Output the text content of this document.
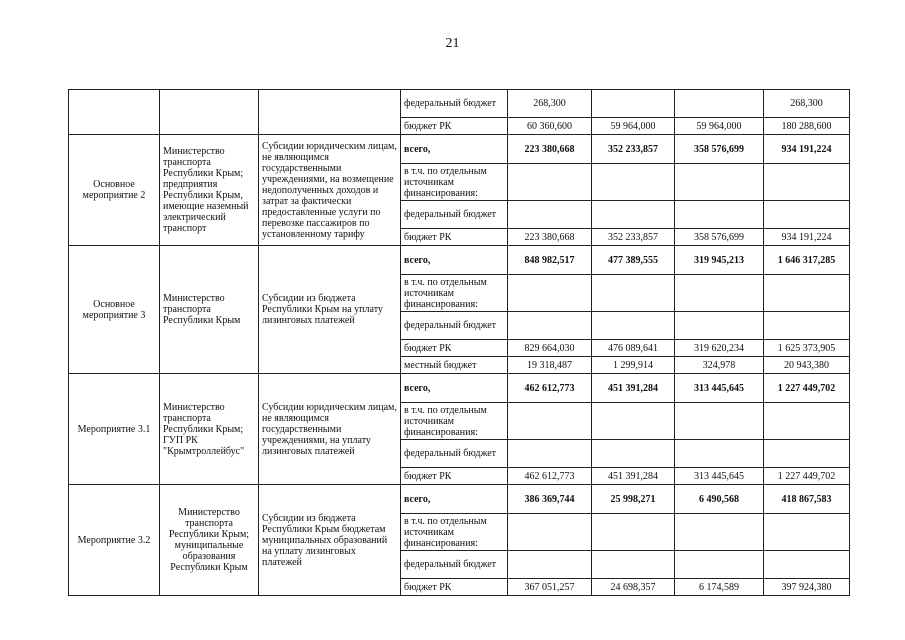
21
			федеральный бюджет	268,300			268,300
			бюджет РК	60 360,600	59 964,000	59 964,000	180 288,600
Основное мероприятие 2	Министерство транспорта Республики Крым; предприятия Республики Крым, имеющие наземный электрический транспорт	Субсидии юридическим лицам, не являющимся государственными учреждениями, на возмещение недополученных доходов и затрат за фактически предоставленные услуги по перевозке пассажиров по установленному тарифу	всего,	223 380,668	352 233,857	358 576,699	934 191,224
			в т.ч. по отдельным источникам финансирования:				
			федеральный бюджет				
			бюджет РК	223 380,668	352 233,857	358 576,699	934 191,224
Основное мероприятие 3	Министерство транспорта Республики Крым	Субсидии из бюджета Республики Крым на уплату лизинговых платежей	всего,	848 982,517	477 389,555	319 945,213	1 646 317,285
			в т.ч. по отдельным источникам финансирования:				
			федеральный бюджет				
			бюджет РК	829 664,030	476 089,641	319 620,234	1 625 373,905
			местный бюджет	19 318,487	1 299,914	324,978	20 943,380
Мероприятие 3.1	Министерство транспорта Республики Крым; ГУП РК "Крымтроллейбус"	Субсидии юридическим лицам, не являющимся государственными учреждениями, на уплату лизинговых платежей	всего,	462 612,773	451 391,284	313 445,645	1 227 449,702
			в т.ч. по отдельным источникам финансирования:				
			федеральный бюджет				
			бюджет РК	462 612,773	451 391,284	313 445,645	1 227 449,702
Мероприятие 3.2	Министерство транспорта Республики Крым; муниципальные образования Республики Крым	Субсидии из бюджета Республики Крым бюджетам муниципальных образований на уплату лизинговых платежей	всего,	386 369,744	25 998,271	6 490,568	418 867,583
			в т.ч. по отдельным источникам финансирования:				
			федеральный бюджет				
			бюджет РК	367 051,257	24 698,357	6 174,589	397 924,380
